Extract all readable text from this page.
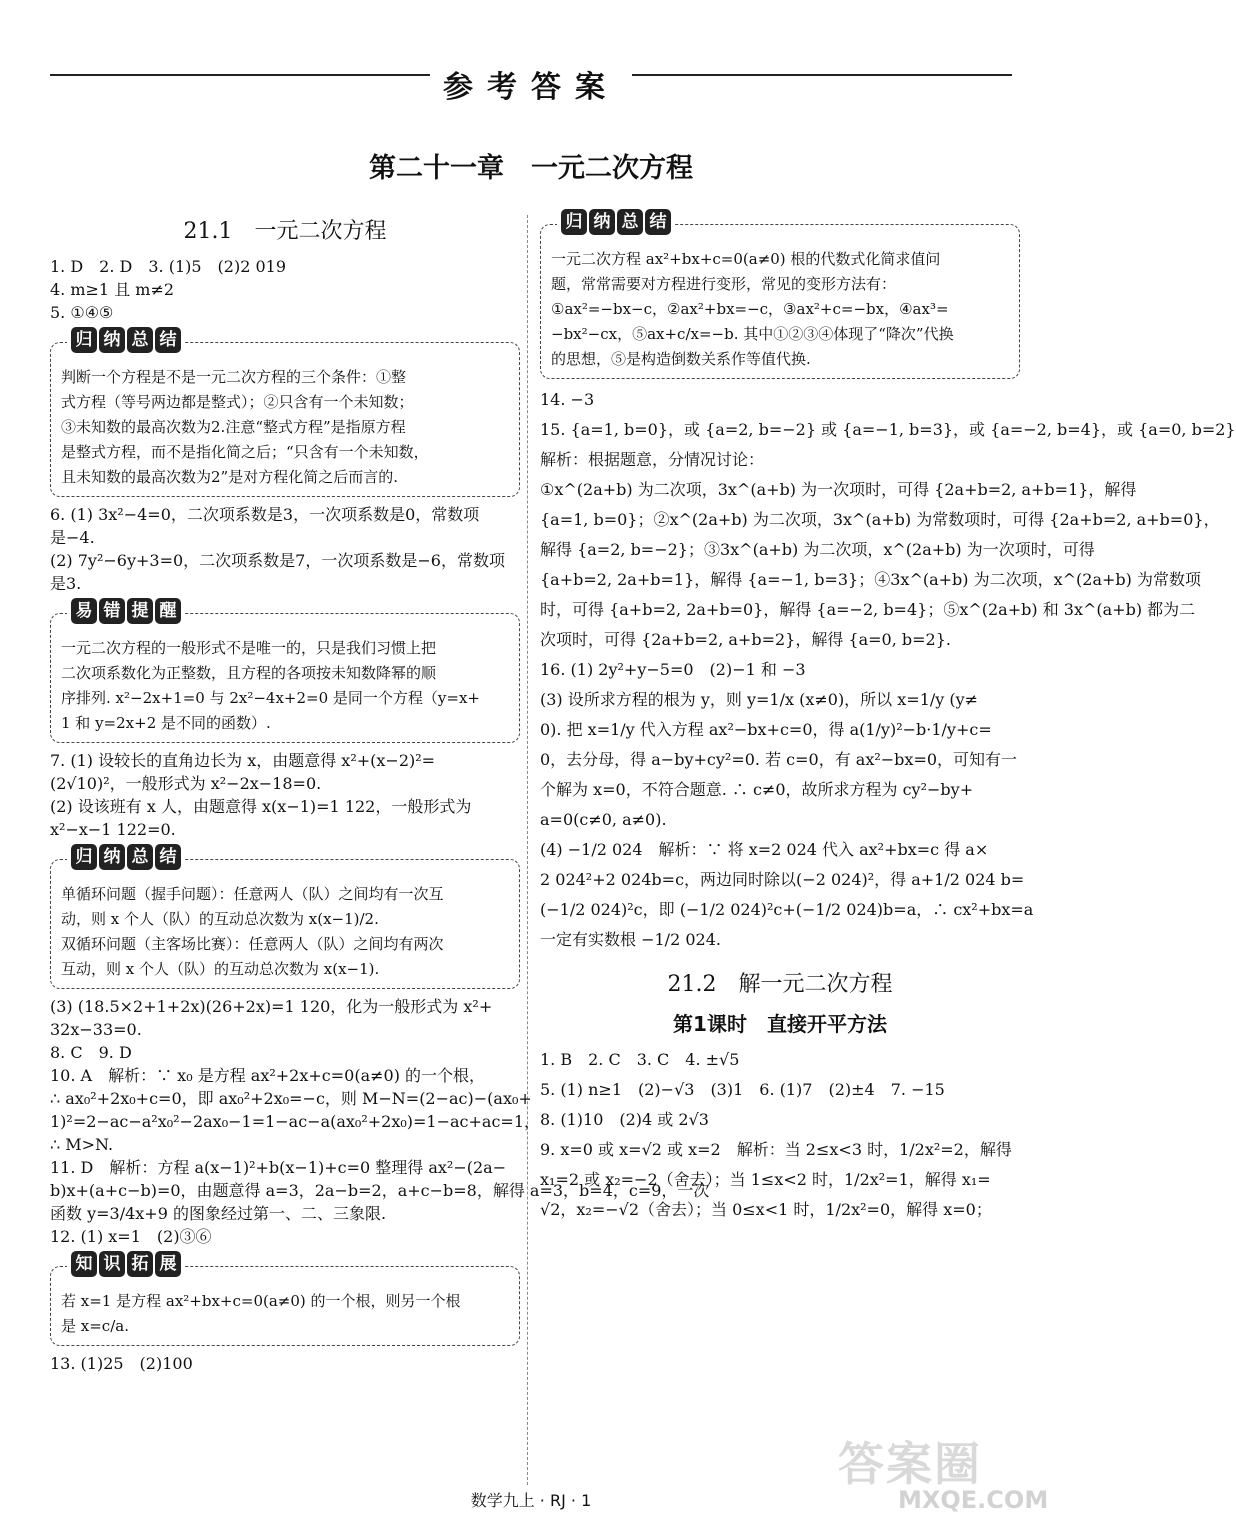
参考答案
第二十一章　一元二次方程
21.1　一元二次方程
1. D　2. D　3. (1)5　(2)2 019
4. m≥1 且 m≠2
5. ①④⑤
归 纳 总 结
判断一个方程是不是一元二次方程的三个条件：①整
式方程（等号两边都是整式）；②只含有一个未知数；
③未知数的最高次数为2.注意“整式方程”是指原方程
是整式方程，而不是指化简之后；“只含有一个未知数，
且未知数的最高次数为2”是对方程化简之后而言的.
6. (1) 3x²−4=0，二次项系数是3，一次项系数是0，常数项
是−4.
(2) 7y²−6y+3=0，二次项系数是7，一次项系数是−6，常数项
是3.
易 错 提 醒
一元二次方程的一般形式不是唯一的，只是我们习惯上把
二次项系数化为正整数，且方程的各项按未知数降幂的顺
序排列. x²−2x+1=0 与 2x²−4x+2=0 是同一个方程（y=x+
1 和 y=2x+2 是不同的函数）.
7. (1) 设较长的直角边长为 x，由题意得 x²+(x−2)²=
(2√10)²，一般形式为 x²−2x−18=0.
(2) 设该班有 x 人，由题意得 x(x−1)=1 122，一般形式为
x²−x−1 122=0.
归 纳 总 结
单循环问题（握手问题）：任意两人（队）之间均有一次互
动，则 x 个人（队）的互动总次数为 x(x−1)/2.
双循环问题（主客场比赛）：任意两人（队）之间均有两次
互动，则 x 个人（队）的互动总次数为 x(x−1).
(3) (18.5×2+1+2x)(26+2x)=1 120，化为一般形式为 x²+
32x−33=0.
8. C　9. D
10. A　解析：∵ x₀ 是方程 ax²+2x+c=0(a≠0) 的一个根，
∴ ax₀²+2x₀+c=0，即 ax₀²+2x₀=−c，则 M−N=(2−ac)−(ax₀+
1)²=2−ac−a²x₀²−2ax₀−1=1−ac−a(ax₀²+2x₀)=1−ac+ac=1，
∴ M>N.
11. D　解析：方程 a(x−1)²+b(x−1)+c=0 整理得 ax²−(2a−
b)x+(a+c−b)=0，由题意得 a=3，2a−b=2，a+c−b=8，解得 a=3，b=4，c=9，一次
函数 y=3/4x+9 的图象经过第一、二、三象限.
12. (1) x=1　(2)③⑥
知 识 拓 展
若 x=1 是方程 ax²+bx+c=0(a≠0) 的一个根，则另一个根
是 x=c/a.
13. (1)25　(2)100
归 纳 总 结
一元二次方程 ax²+bx+c=0(a≠0) 根的代数式化简求值问
题，常常需要对方程进行变形，常见的变形方法有：
①ax²=−bx−c，②ax²+bx=−c，③ax²+c=−bx，④ax³=
−bx²−cx，⑤ax+c/x=−b. 其中①②③④体现了“降次”代换
的思想，⑤是构造倒数关系作等值代换.
14. −3
15. {a=1, b=0}，或 {a=2, b=−2} 或 {a=−1, b=3}，或 {a=−2, b=4}，或 {a=0, b=2}
解析：根据题意，分情况讨论：
①x^(2a+b) 为二次项，3x^(a+b) 为一次项时，可得 {2a+b=2, a+b=1}，解得
{a=1, b=0}；②x^(2a+b) 为二次项，3x^(a+b) 为常数项时，可得 {2a+b=2, a+b=0}，
解得 {a=2, b=−2}；③3x^(a+b) 为二次项，x^(2a+b) 为一次项时，可得
{a+b=2, 2a+b=1}，解得 {a=−1, b=3}；④3x^(a+b) 为二次项，x^(2a+b) 为常数项
时，可得 {a+b=2, 2a+b=0}，解得 {a=−2, b=4}；⑤x^(2a+b) 和 3x^(a+b) 都为二
次项时，可得 {2a+b=2, a+b=2}，解得 {a=0, b=2}.
16. (1) 2y²+y−5=0　(2)−1 和 −3
(3) 设所求方程的根为 y，则 y=1/x (x≠0)，所以 x=1/y (y≠
0). 把 x=1/y 代入方程 ax²−bx+c=0，得 a(1/y)²−b·1/y+c=
0，去分母，得 a−by+cy²=0. 若 c=0，有 ax²−bx=0，可知有一
个解为 x=0，不符合题意. ∴ c≠0，故所求方程为 cy²−by+
a=0(c≠0, a≠0).
(4) −1/2 024　解析：∵ 将 x=2 024 代入 ax²+bx=c 得 a×
2 024²+2 024b=c，两边同时除以(−2 024)²，得 a+1/2 024 b=
(−1/2 024)²c，即 (−1/2 024)²c+(−1/2 024)b=a，∴ cx²+bx=a
一定有实数根 −1/2 024.
21.2　解一元二次方程
第1课时　直接开平方法
1. B　2. C　3. C　4. ±√5
5. (1) n≥1　(2)−√3　(3)1　6. (1)7　(2)±4　7. −15
8. (1)10　(2)4 或 2√3
9. x=0 或 x=√2 或 x=2　解析：当 2≤x<3 时，1/2x²=2，解得
x₁=2 或 x₂=−2（舍去）；当 1≤x<2 时，1/2x²=1，解得 x₁=
√2，x₂=−√2（舍去）；当 0≤x<1 时，1/2x²=0，解得 x=0；
数学九上 · RJ · 1
答案圈
MXQE.COM
